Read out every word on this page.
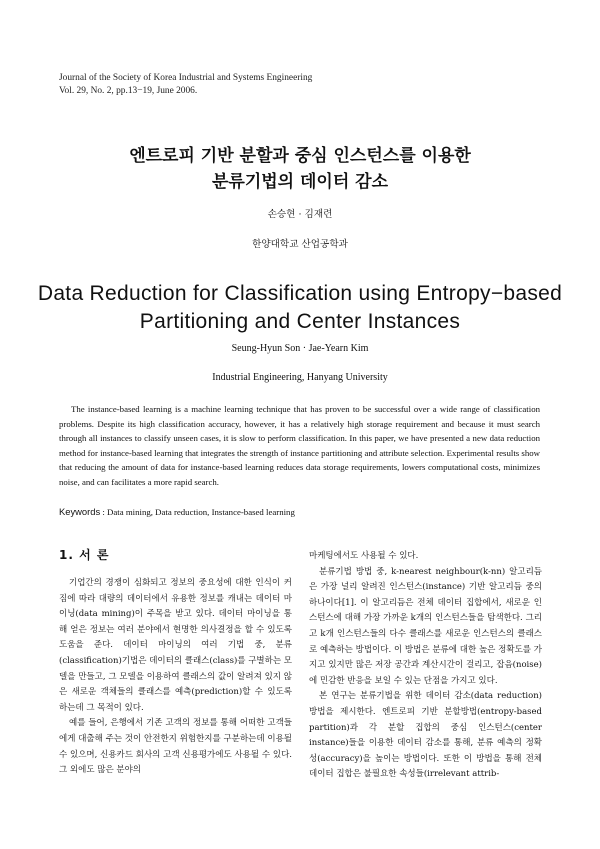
Journal of the Society of Korea Industrial and Systems Engineering
Vol. 29, No. 2, pp.13−19, June 2006.
엔트로피 기반 분할과 중심 인스턴스를 이용한
분류기법의 데이터 감소
손승현 · 김재련
한양대학교 산업공학과
Data Reduction for Classification using Entropy−based
Partitioning and Center Instances
Seung-Hyun Son · Jae-Yearn Kim
Industrial Engineering, Hanyang University
The instance-based learning is a machine learning technique that has proven to be successful over a wide range of classification problems. Despite its high classification accuracy, however, it has a relatively high storage requirement and because it must search through all instances to classify unseen cases, it is slow to perform classification. In this paper, we have presented a new data reduction method for instance-based learning that integrates the strength of instance partitioning and attribute selection. Experimental results show that reducing the amount of data for instance-based learning reduces data storage requirements, lowers computational costs, minimizes noise, and can facilitates a more rapid search.
Keywords : Data mining, Data reduction, Instance-based learning
1. 서 론

기업간의 경쟁이 심화되고 정보의 중요성에 대한 인식이 커짐에 따라 대량의 데이터에서 유용한 정보를 캐내는 데이터 마이닝(data mining)이 주목을 받고 있다. 데이터 마이닝을 통해 얻은 정보는 여러 분야에서 현명한 의사결정을 할 수 있도록 도움을 준다. 데이터 마이닝의 여러 기법 중, 분류(classification)기법은 데이터의 클래스(class)를 구별하는 모델을 만들고, 그 모델을 이용하여 클래스의 값이 알려져 있지 않은 새로운 객체들의 클래스를 예측(prediction)할 수 있도록 하는데 그 목적이 있다.

예를 들어, 은행에서 기존 고객의 정보를 통해 어떠한 고객들에게 대출해 주는 것이 안전한지 위험한지를 구분하는데 이용될 수 있으며, 신용카드 회사의 고객 신용평가에도 사용될 수 있다. 그 외에도 많은 분야의

마케팅에서도 사용될 수 있다.

분류기법 방법 중, k-nearest neighbour(k-nn) 알고리듬은 가장 널리 알려진 인스턴스(instance) 기반 알고리듬 중의 하나이다[1]. 이 알고리듬은 전체 데이터 집합에서, 새로운 인스턴스에 대해 가장 가까운 k개의 인스턴스들을 탐색한다. 그리고 k개 인스턴스들의 다수 클래스를 새로운 인스턴스의 클래스로 예측하는 방법이다. 이 방법은 분류에 대한 높은 정확도를 가지고 있지만 많은 저장 공간과 계산시간이 걸리고, 잡음(noise)에 민감한 반응을 보일 수 있는 단점을 가지고 있다.

본 연구는 분류기법을 위한 데이터 감소(data reduction) 방법을 제시한다. 엔트로피 기반 분할방법(entropy-based partition)과 각 분할 집합의 중심 인스턴스(center instance)들을 이용한 데이터 감소를 통해, 분류 예측의 정확성(accuracy)을 높이는 방법이다. 또한 이 방법을 통해 전체 데이터 집합은 불필요한 속성들(irrelevant attrib-
